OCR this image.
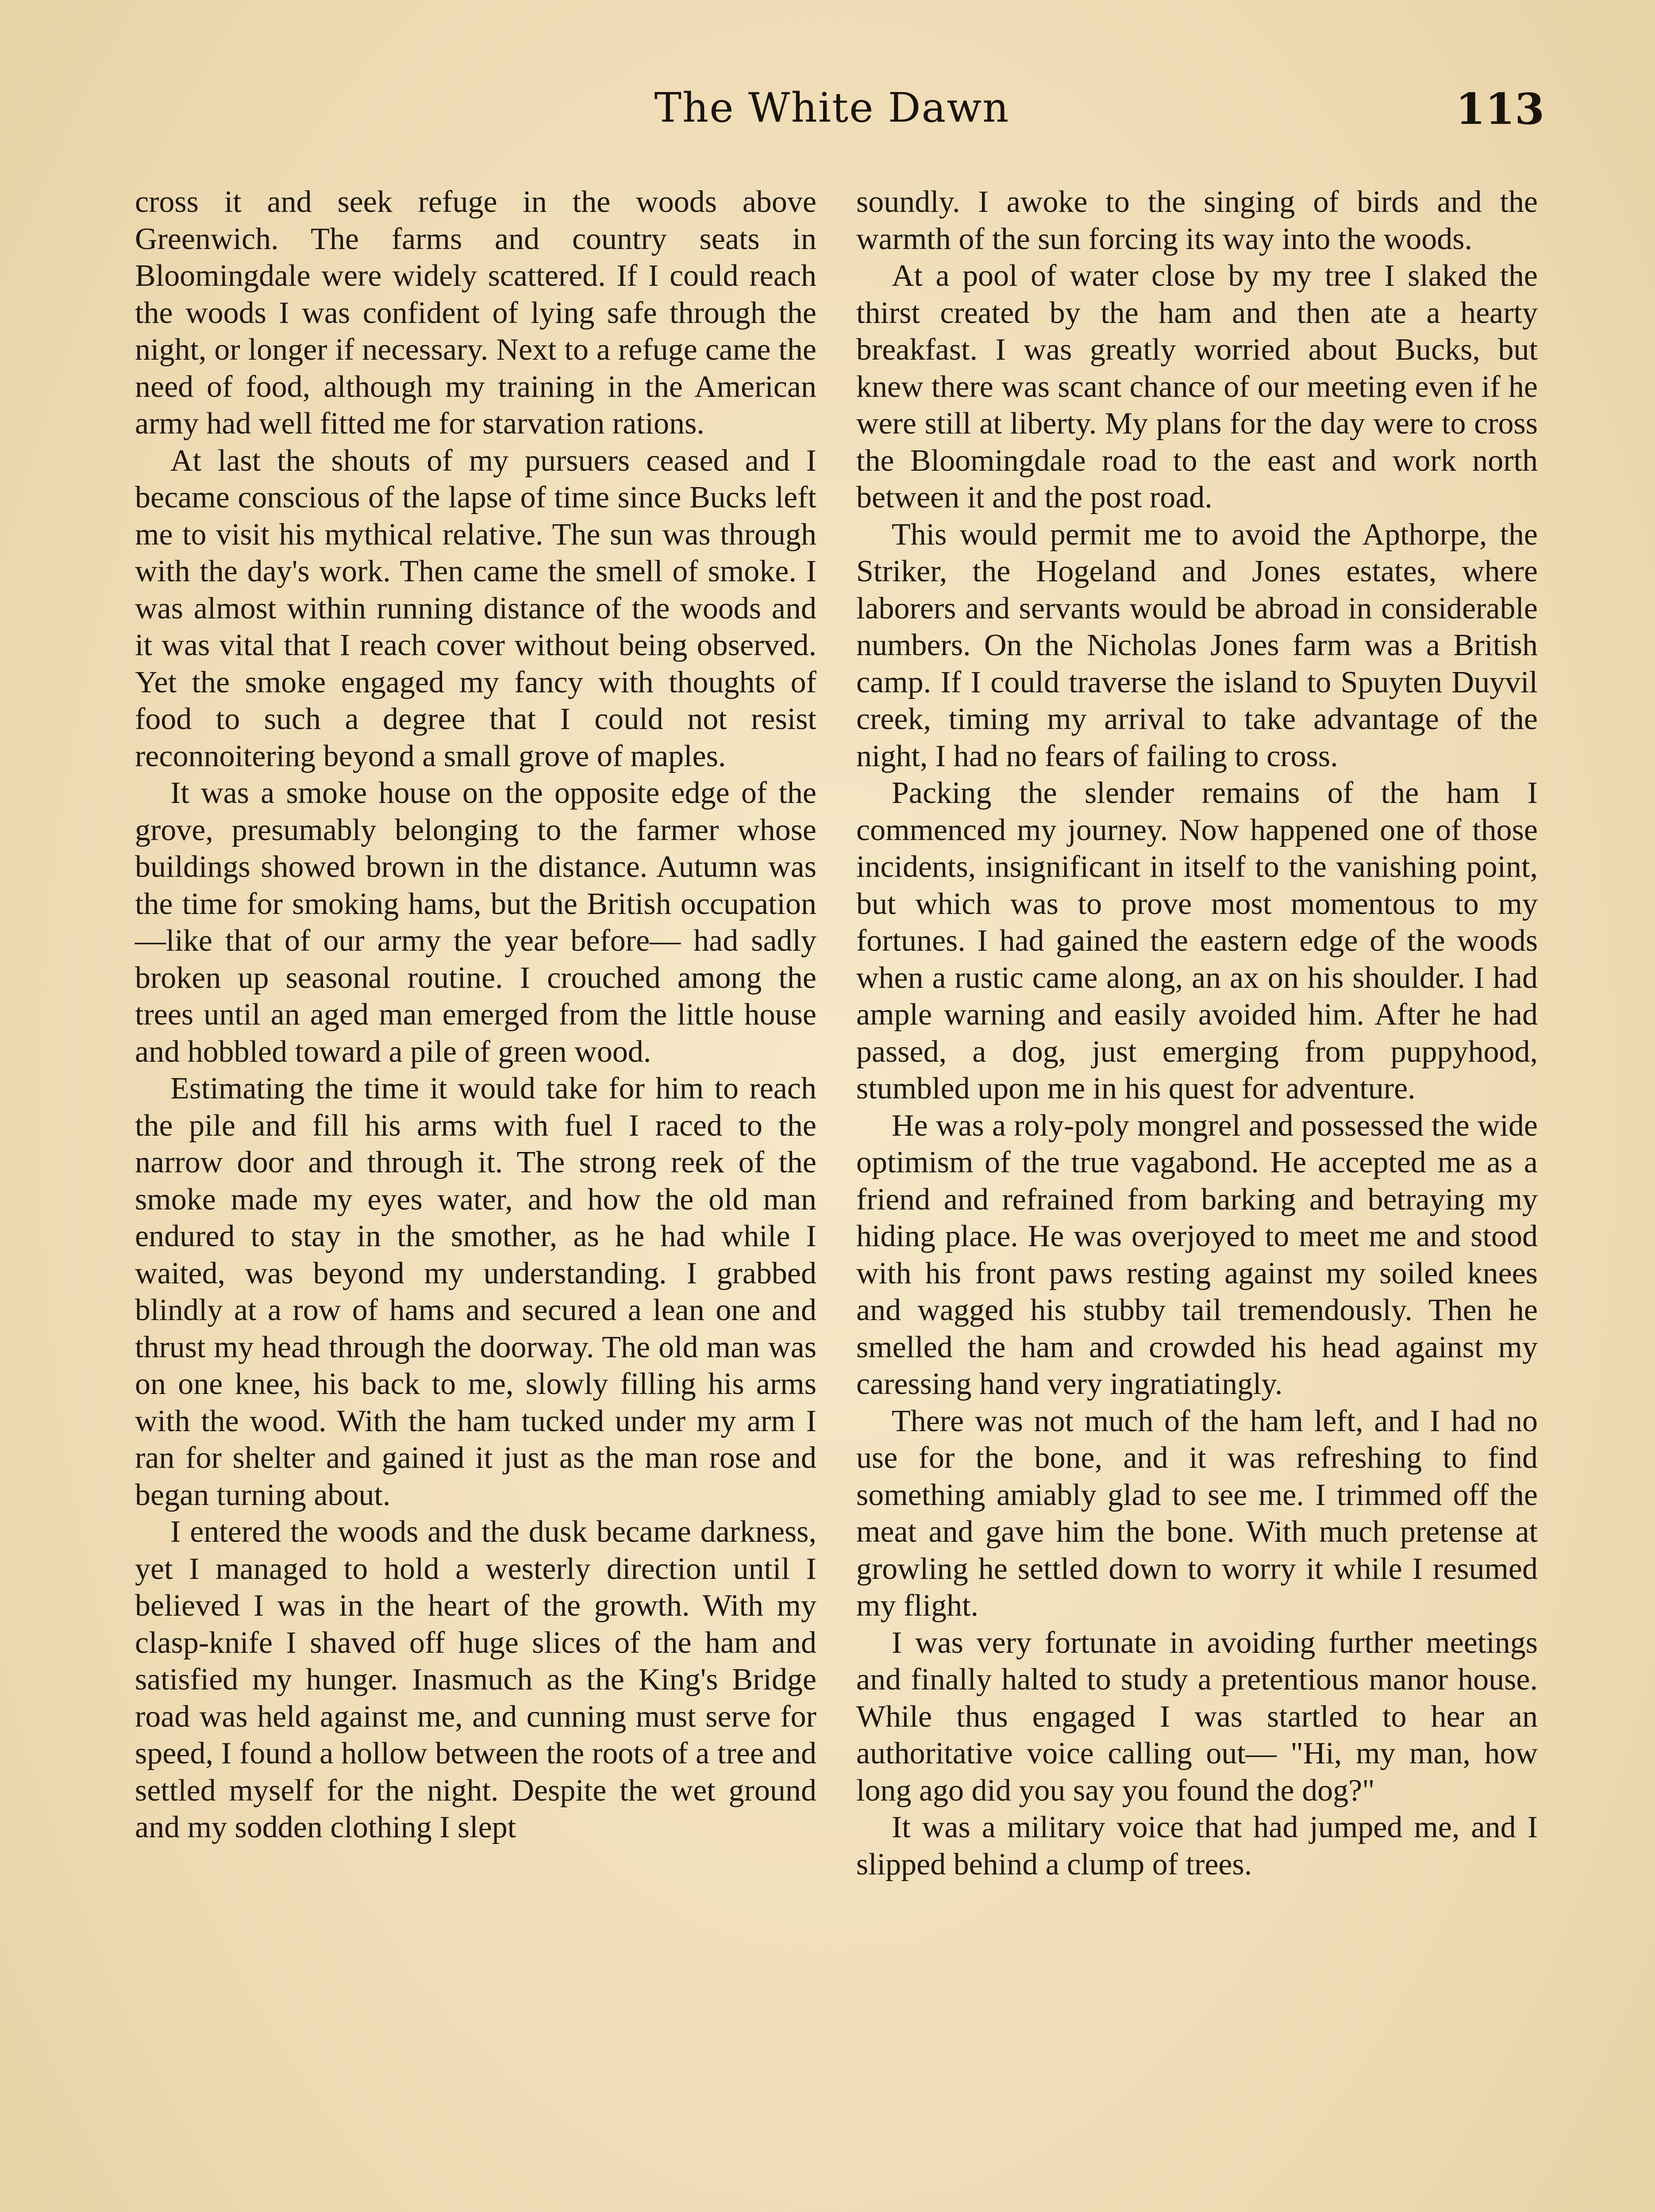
The White Dawn	113

cross it and seek refuge in the woods above Greenwich. The farms and country seats in Bloomingdale were widely scattered. If I could reach the woods I was confident of lying safe through the night, or longer if necessary. Next to a refuge came the need of food, although my training in the American army had well fitted me for starvation rations.

At last the shouts of my pursuers ceased and I became conscious of the lapse of time since Bucks left me to visit his mythical relative. The sun was through with the day's work. Then came the smell of smoke. I was almost within running distance of the woods and it was vital that I reach cover without being observed. Yet the smoke engaged my fancy with thoughts of food to such a degree that I could not resist reconnoitering beyond a small grove of maples.

It was a smoke house on the opposite edge of the grove, presumably belonging to the farmer whose buildings showed brown in the distance. Autumn was the time for smoking hams, but the British occupation —like that of our army the year before— had sadly broken up seasonal routine. I crouched among the trees until an aged man emerged from the little house and hobbled toward a pile of green wood.

Estimating the time it would take for him to reach the pile and fill his arms with fuel I raced to the narrow door and through it. The strong reek of the smoke made my eyes water, and how the old man endured to stay in the smother, as he had while I waited, was beyond my understanding. I grabbed blindly at a row of hams and secured a lean one and thrust my head through the doorway. The old man was on one knee, his back to me, slowly filling his arms with the wood. With the ham tucked under my arm I ran for shelter and gained it just as the man rose and began turning about.

I entered the woods and the dusk became darkness, yet I managed to hold a westerly direction until I believed I was in the heart of the growth. With my clasp-knife I shaved off huge slices of the ham and satisfied my hunger. Inasmuch as the King's Bridge road was held against me, and cunning must serve for speed, I found a hollow between the roots of a tree and settled myself for the night. Despite the wet ground and my sodden clothing I slept

soundly. I awoke to the singing of birds and the warmth of the sun forcing its way into the woods.

At a pool of water close by my tree I slaked the thirst created by the ham and then ate a hearty breakfast. I was greatly worried about Bucks, but knew there was scant chance of our meeting even if he were still at liberty. My plans for the day were to cross the Bloomingdale road to the east and work north between it and the post road.

This would permit me to avoid the Apthorpe, the Striker, the Hogeland and Jones estates, where laborers and servants would be abroad in considerable numbers. On the Nicholas Jones farm was a British camp. If I could traverse the island to Spuyten Duyvil creek, timing my arrival to take advantage of the night, I had no fears of failing to cross.

Packing the slender remains of the ham I commenced my journey. Now happened one of those incidents, insignificant in itself to the vanishing point, but which was to prove most momentous to my fortunes. I had gained the eastern edge of the woods when a rustic came along, an ax on his shoulder. I had ample warning and easily avoided him. After he had passed, a dog, just emerging from puppyhood, stumbled upon me in his quest for adventure.

He was a roly-poly mongrel and possessed the wide optimism of the true vagabond. He accepted me as a friend and refrained from barking and betraying my hiding place. He was overjoyed to meet me and stood with his front paws resting against my soiled knees and wagged his stubby tail tremendously. Then he smelled the ham and crowded his head against my caressing hand very ingratiatingly.

There was not much of the ham left, and I had no use for the bone, and it was refreshing to find something amiably glad to see me. I trimmed off the meat and gave him the bone. With much pretense at growling he settled down to worry it while I resumed my flight.

I was very fortunate in avoiding further meetings and finally halted to study a pretentious manor house. While thus engaged I was startled to hear an authoritative voice calling out— "Hi, my man, how long ago did you say you found the dog?"

It was a military voice that had jumped me, and I slipped behind a clump of trees.
